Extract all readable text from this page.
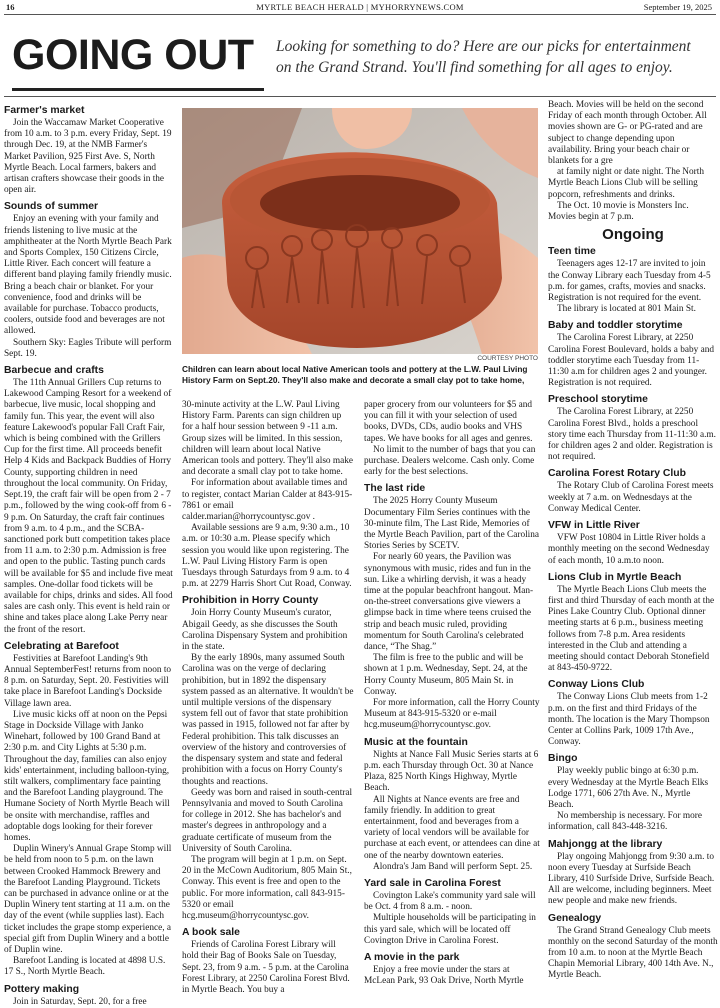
16	MYRTLE BEACH HERALD | MYHORRYNEWS.COM	September 19, 2025
GOING OUT Looking for something to do? Here are our picks for entertainment on the Grand Strand. You'll find something for all ages to enjoy.
COURTESY PHOTO
Children can learn about local Native American tools and pottery at the L.W. Paul Living History Farm on Sept.20. They'll also make and decorate a small clay pot to take home,
Farmer's market

Join the Waccamaw Market Cooperative from 10 a.m. to 3 p.m. every Friday, Sept. 19 through Dec. 19, at the NMB Farmer's Market Pavilion, 925 First Ave. S, North Myrtle Beach. Local farmers, bakers and artisan crafters showcase their goods in the open air.

Sounds of summer

Enjoy an evening with your family and friends listening to live music at the amphitheater at the North Myrtle Beach Park and Sports Complex, 150 Citizens Circle, Little River. Each concert will feature a different band playing family friendly music. Bring a beach chair or blanket. For your convenience, food and drinks will be available for purchase. Tobacco products, coolers, outside food and beverages are not allowed.

Southern Sky: Eagles Tribute will perform Sept. 19.

Barbecue and crafts

The 11th Annual Grillers Cup returns to Lakewood Camping Resort for a weekend of barbecue, live music, local shopping and family fun. This year, the event will also feature Lakewood's popular Fall Craft Fair, which is being combined with the Grillers Cup for the first time. All proceeds benefit Help 4 Kids and Backpack Buddies of Horry County, supporting children in need throughout the local community. On Friday, Sept.19, the craft fair will be open from 2 - 7 p.m., followed by the wing cook-off from 6 - 9 p.m. On Saturday, the craft fair continues from 9 a.m. to 4 p.m., and the SCBA-sanctioned pork butt competition takes place from 11 a.m. to 2:30 p.m. Admission is free and open to the public. Tasting punch cards will be available for $5 and include five meat samples. One-dollar food tickets will be available for chips, drinks and sides. All food sales are cash only. This event is held rain or shine and takes place along Lake Perry near the front of the resort.

Celebrating at Barefoot

Festivities at Barefoot Landing's 9th Annual SeptemberFest! returns from noon to 8 p.m. on Saturday, Sept. 20. Festivities will take place in Barefoot Landing's Dockside Village lawn area.

Live music kicks off at noon on the Pepsi Stage in Dockside Village with Janko Winehart, followed by 100 Grand Band at 2:30 p.m. and City Lights at 5:30 p.m. Throughout the day, families can also enjoy kids' entertainment, including balloon-tying, stilt walkers, complimentary face painting and the Barefoot Landing playground. The Humane Society of North Myrtle Beach will be onsite with merchandise, raffles and adoptable dogs looking for their forever homes.

Duplin Winery's Annual Grape Stomp will be held from noon to 5 p.m. on the lawn between Crooked Hammock Brewery and the Barefoot Landing Playground. Tickets can be purchased in advance online or at the Duplin Winery tent starting at 11 a.m. on the day of the event (while supplies last). Each ticket includes the grape stomp experience, a special gift from Duplin Winery and a bottle of Duplin wine.

Barefoot Landing is located at 4898 U.S. 17 S., North Myrtle Beach.

Pottery making

Join in Saturday, Sept. 20, for a free

30-minute activity at the L.W. Paul Living History Farm. Parents can sign children up for a half hour session between 9 -11 a.m. Group sizes will be limited. In this session, children will learn about local Native American tools and pottery. They'll also make and decorate a small clay pot to take home.

For information about available times and to register, contact Marian Calder at 843-915-7861 or email calder.marian@horrycountysc.gov .

Available sessions are 9 a.m, 9:30 a.m., 10 a.m. or 10:30 a.m. Please specify which session you would like upon registering. The L.W. Paul Living History Farm is open Tuesdays through Saturdays from 9 a.m. to 4 p.m. at 2279 Harris Short Cut Road, Conway.

Prohibition in Horry County

Join Horry County Museum's curator, Abigail Geedy, as she discusses the South Carolina Dispensary System and prohibition in the state.

By the early 1890s, many assumed South Carolina was on the verge of declaring prohibition, but in 1892 the dispensary system passed as an alternative. It wouldn't be until multiple versions of the dispensary system fell out of favor that state prohibition was passed in 1915, followed not far after by Federal prohibition. This talk discusses an overview of the history and controversies of the dispensary system and state and federal prohibition with a focus on Horry County's thoughts and reactions.

Geedy was born and raised in south-central Pennsylvania and moved to South Carolina for college in 2012. She has bachelor's and master's degrees in anthropology and a graduate certificate of museum from the University of South Carolina.

The program will begin at 1 p.m. on Sept. 20 in the McCown Auditorium, 805 Main St., Conway. This event is free and open to the public. For more information, call 843-915-5320 or email hcg.museum@horrycountysc.gov.

A book sale

Friends of Carolina Forest Library will hold their Bag of Books Sale on Tuesday, Sept. 23, from 9 a.m. - 5 p.m. at the Carolina Forest Library, at 2250 Carolina Forest Blvd. in Myrtle Beach. You buy a

paper grocery from our volunteers for $5 and you can fill it with your selection of used books, DVDs, CDs, audio books and VHS tapes. We have books for all ages and genres.

No limit to the number of bags that you can purchase. Dealers welcome. Cash only. Come early for the best selections.

The last ride

The 2025 Horry County Museum Documentary Film Series continues with the 30-minute film, The Last Ride, Memories of the Myrtle Beach Pavilion, part of the Carolina Stories Series by SCETV.

For nearly 60 years, the Pavilion was synonymous with music, rides and fun in the sun. Like a whirling dervish, it was a heady time at the popular beachfront hangout. Man-on-the-street conversations give viewers a glimpse back in time where teens cruised the strip and beach music ruled, providing momentum for South Carolina's celebrated dance, “The Shag.”

The film is free to the public and will be shown at 1 p.m. Wednesday, Sept. 24, at the Horry County Museum, 805 Main St. in Conway.

For more information, call the Horry County Museum at 843-915-5320 or e-mail hcg.museum@horrycountysc.gov.

Music at the fountain

Nights at Nance Fall Music Series starts at 6 p.m. each Thursday through Oct. 30 at Nance Plaza, 825 North Kings Highway, Myrtle Beach.

All Nights at Nance events are free and family friendly. In addition to great entertainment, food and beverages from a variety of local vendors will be available for purchase at each event, or attendees can dine at one of the nearby downtown eateries.

Alondra's Jam Band will perform Sept. 25.

Yard sale in Carolina Forest

Covington Lake's community yard sale will be Oct. 4 from 8 a.m. - noon.

Multiple households will be participating in this yard sale, which will be located off Covington Drive in Carolina Forest.

A movie in the park

Enjoy a free movie under the stars at McLean Park, 93 Oak Drive, North Myrtle

Beach. Movies will be held on the second Friday of each month through October. All movies shown are G- or PG-rated and are subject to change depending upon availability. Bring your beach chair or blankets for a gre

at family night or date night. The North Myrtle Beach Lions Club will be selling popcorn, refreshments and drinks.

The Oct. 10 movie is Monsters Inc. Movies begin at 7 p.m.

Ongoing
Teen time

Teenagers ages 12-17 are invited to join the Conway Library each Tuesday from 4-5 p.m. for games, crafts, movies and snacks. Registration is not required for the event.

The library is located at 801 Main St.

Baby and toddler storytime

The Carolina Forest Library, at 2250 Carolina Forest Boulevard, holds a baby and toddler storytime each Tuesday from 11-11:30 a.m for children ages 2 and younger. Registration is not required.

Preschool storytime

The Carolina Forest Library, at 2250 Carolina Forest Blvd., holds a preschool story time each Thursday from 11-11:30 a.m. for children ages 2 and older. Registration is not required.

Carolina Forest Rotary Club

The Rotary Club of Carolina Forest meets weekly at 7 a.m. on Wednesdays at the Conway Medical Center.

VFW in Little River

VFW Post 10804 in Little River holds a monthly meeting on the second Wednesday of each month, 10 a.m.to noon.

Lions Club in Myrtle Beach

The Myrtle Beach Lions Club meets the first and third Thursday of each month at the Pines Lake Country Club. Optional dinner meeting starts at 6 p.m., business meeting follows from 7-8 p.m. Area residents interested in the Club and attending a meeting should contact Deborah Stonefield at 843-450-9722.

Conway Lions Club

The Conway Lions Club meets from 1-2 p.m. on the first and third Fridays of the month. The location is the Mary Thompson Center at Collins Park, 1009 17th Ave., Conway.

Bingo

Play weekly public bingo at 6:30 p.m. every Wednesday at the Myrtle Beach Elks Lodge 1771, 606 27th Ave. N., Myrtle Beach.

No membership is necessary. For more information, call 843-448-3216.

Mahjongg at the library

Play ongoing Mahjongg from 9:30 a.m. to noon every Tuesday at Surfside Beach Library, 410 Surfside Drive, Surfside Beach. All are welcome, including beginners. Meet new people and make new friends.

Genealogy

The Grand Strand Genealogy Club meets monthly on the second Saturday of the month from 10 a.m. to noon at the Myrtle Beach Chapin Memorial Library, 400 14th Ave. N., Myrtle Beach.
